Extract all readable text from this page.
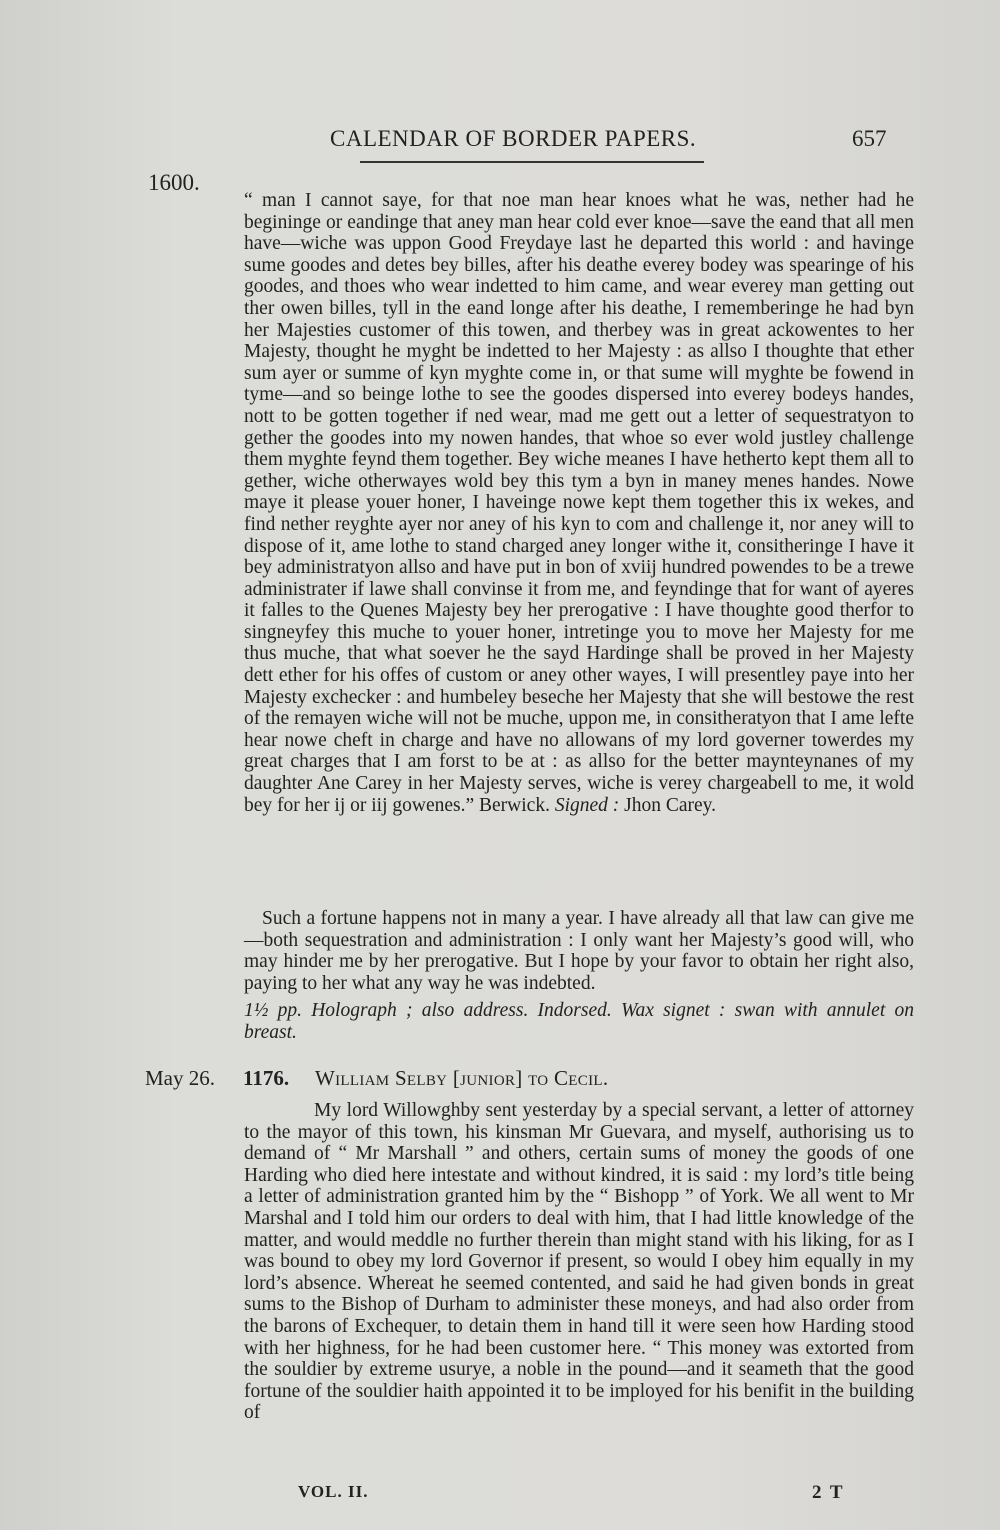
CALENDAR OF BORDER PAPERS.	657
1600.

“ man I cannot saye, for that noe man hear knoes what he was, nether had he begininge or eandinge that aney man hear cold ever knoe—save the eand that all men have—wiche was uppon Good Freydaye last he departed this world : and havinge sume goodes and detes bey billes, after his deathe everey bodey was spearinge of his goodes, and thoes who wear indetted to him came, and wear everey man getting out ther owen billes, tyll in the eand longe after his deathe, I rememberinge he had byn her Majesties customer of this towen, and therbey was in great ackowentes to her Majesty, thought he myght be indetted to her Majesty : as allso I thoughte that ether sum ayer or summe of kyn myghte come in, or that sume will myghte be fowend in tyme—and so beinge lothe to see the goodes dispersed into everey bodeys handes, nott to be gotten together if ned wear, mad me gett out a letter of sequestratyon to gether the goodes into my nowen handes, that whoe so ever wold justley challenge them myghte feynd them together. Bey wiche meanes I have hetherto kept them all to gether, wiche otherwayes wold bey this tym a byn in maney menes handes. Nowe maye it please youer honer, I haveinge nowe kept them together this ix wekes, and find nether reyghte ayer nor aney of his kyn to com and challenge it, nor aney will to dispose of it, ame lothe to stand charged aney longer withe it, consitheringe I have it bey administratyon allso and have put in bon of xviij hundred powendes to be a trewe administrater if lawe shall convinse it from me, and feyndinge that for want of ayeres it falles to the Quenes Majesty bey her prerogative : I have thoughte good therfor to singneyfey this muche to youer honer, intretinge you to move her Majesty for me thus muche, that what soever he the sayd Hardinge shall be proved in her Majesty dett ether for his offes of custom or aney other wayes, I will presentley paye into her Majesty exchecker : and humbeley beseche her Majesty that she will bestowe the rest of the remayen wiche will not be muche, uppon me, in consitheratyon that I ame lefte hear nowe cheft in charge and have no allowans of my lord governer towerdes my great charges that I am forst to be at : as allso for the better maynteynanes of my daughter Ane Carey in her Majesty serves, wiche is verey chargeabell to me, it wold bey for her ij or iij gowenes.” Berwick. Signed : Jhon Carey.

Such a fortune happens not in many a year. I have already all that law can give me—both sequestration and administration : I only want her Majesty’s good will, who may hinder me by her prerogative. But I hope by your favor to obtain her right also, paying to her what any way he was indebted.

1½ pp. Holograph ; also address. Indorsed. Wax signet : swan with annulet on breast.

May 26. 1176. William Selby [junior] to Cecil.

My lord Willowghby sent yesterday by a special servant, a letter of attorney to the mayor of this town, his kinsman Mr Guevara, and myself, authorising us to demand of “ Mr Marshall ” and others, certain sums of money the goods of one Harding who died here intestate and without kindred, it is said : my lord’s title being a letter of administration granted him by the “ Bishopp ” of York. We all went to Mr Marshal and I told him our orders to deal with him, that I had little knowledge of the matter, and would meddle no further therein than might stand with his liking, for as I was bound to obey my lord Governor if present, so would I obey him equally in my lord’s absence. Whereat he seemed contented, and said he had given bonds in great sums to the Bishop of Durham to administer these moneys, and had also order from the barons of Exchequer, to detain them in hand till it were seen how Harding stood with her highness, for he had been customer here. “ This money was extorted from the souldier by extreme usurye, a noble in the pound—and it seameth that the good fortune of the souldier haith appointed it to be imployed for his benifit in the building of

VOL. II.	2 T
